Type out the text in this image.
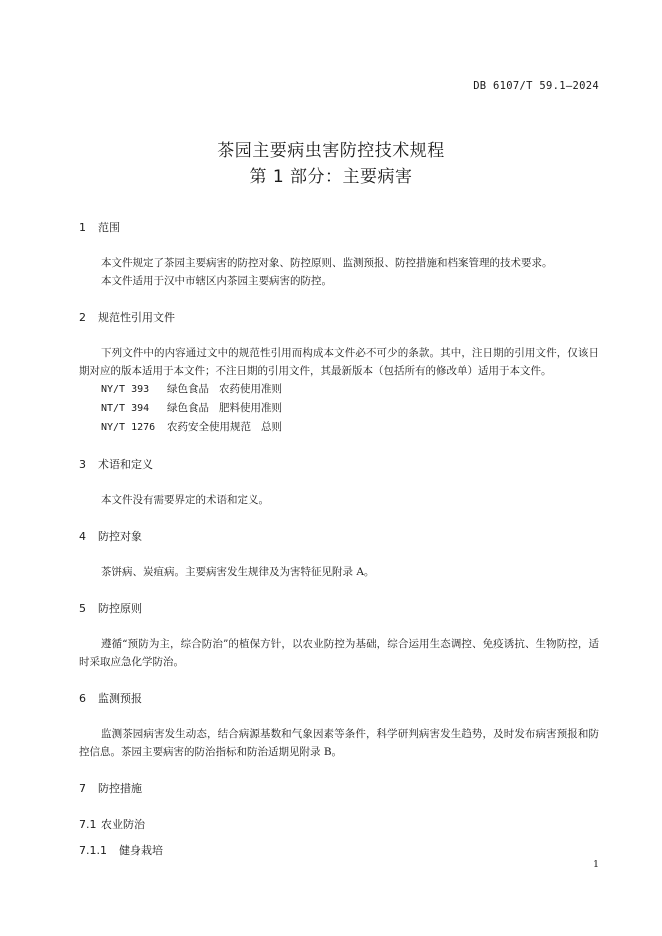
DB 6107/T 59.1—2024
茶园主要病虫害防控技术规程
第 1 部分：主要病害
1	范围

本文件规定了茶园主要病害的防控对象、防控原则、监测预报、防控措施和档案管理的技术要求。

本文件适用于汉中市辖区内茶园主要病害的防控。

2	规范性引用文件

下列文件中的内容通过文中的规范性引用而构成本文件必不可少的条款。其中，注日期的引用文件，仅该日期对应的版本适用于本文件；不注日期的引用文件，其最新版本（包括所有的修改单）适用于本文件。

NY/T 393 绿色食品 农药使用准则
NT/T 394 绿色食品 肥料使用准则
NY/T 1276 农药安全使用规范 总则
3	术语和定义

本文件没有需要界定的术语和定义。

4	防控对象

茶饼病、炭疽病。主要病害发生规律及为害特征见附录 A。

5	防控原则

遵循“预防为主，综合防治”的植保方针，以农业防控为基础，综合运用生态调控、免疫诱抗、生物防控，适时采取应急化学防治。

6	监测预报

监测茶园病害发生动态，结合病源基数和气象因素等条件，科学研判病害发生趋势，及时发布病害预报和防控信息。茶园主要病害的防治指标和防治适期见附录 B。

7	防控措施
7.1 农业防治
7.1.1	健身栽培
1
